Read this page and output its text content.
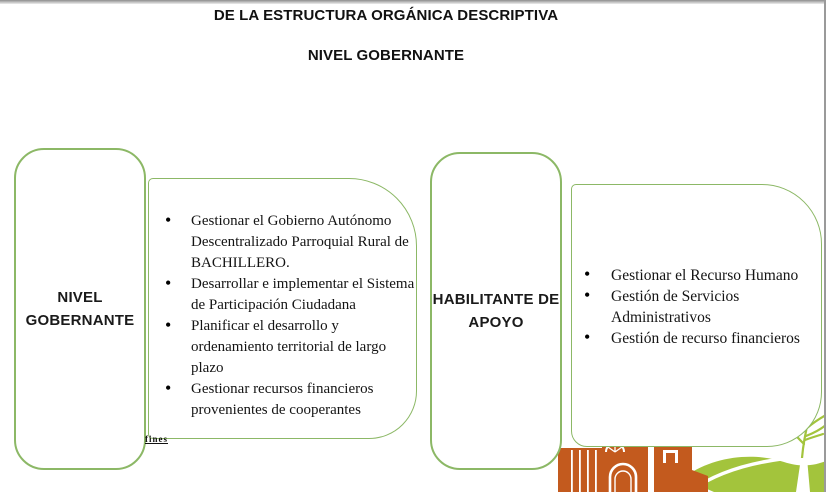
DE LA ESTRUCTURA ORGÁNICA DESCRIPTIVA
NIVEL GOBERNANTE
fines
NIVEL GOBERNANTE
• Gestionar el Gobierno Autónomo Descentralizado Parroquial Rural de BACHILLERO.
• Desarrollar e implementar el Sistema de Participación Ciudadana
• Planificar el desarrollo y ordenamiento territorial de largo plazo
• Gestionar recursos financieros provenientes de cooperantes
HABILITANTE DE APOYO
• Gestionar el Recurso Humano
• Gestión de Servicios Administrativos
• Gestión de recurso financieros
